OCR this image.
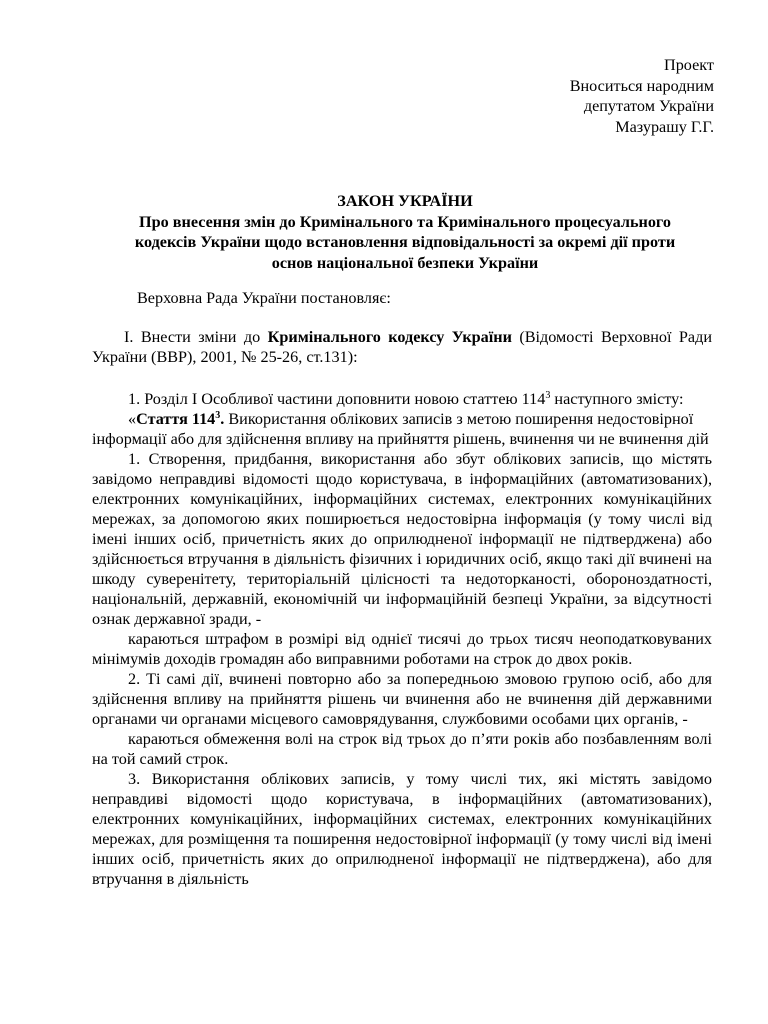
Проект
Вноситься народним
депутатом України
Мазурашу Г.Г.
ЗАКОН УКРАЇНИ
Про внесення змін до Кримінального та Кримінального процесуального
кодексів України щодо встановлення відповідальності за окремі дії проти
основ національної безпеки України

Верховна Рада України постановляє:

І. Внести зміни до Кримінального кодексу України (Відомості Верховної Ради України (ВВР), 2001, № 25-26, ст.131):

1. Розділ І Особливої частини доповнити новою статтею $114^3$ наступного змісту:

«Стаття $114^3$. Використання облікових записів з метою поширення недостовірної інформації або для здійснення впливу на прийняття рішень, вчинення чи не вчинення дій

1. Створення, придбання, використання або збут облікових записів, що містять завідомо неправдиві відомості щодо користувача, в інформаційних (автоматизованих), електронних комунікаційних, інформаційних системах, електронних комунікаційних мережах, за допомогою яких поширюється недостовірна інформація (у тому числі від імені інших осіб, причетність яких до оприлюдненої інформації не підтверджена) або здійснюється втручання в діяльність фізичних і юридичних осіб, якщо такі дії вчинені на шкоду суверенітету, територіальній цілісності та недоторканості, обороноздатності, національній, державній, економічній чи інформаційній безпеці України, за відсутності ознак державної зради, -

караються штрафом в розмірі від однієї тисячі до трьох тисяч неоподатковуваних мінімумів доходів громадян або виправними роботами на строк до двох років.

2. Ті самі дії, вчинені повторно або за попередньою змовою групою осіб, або для здійснення впливу на прийняття рішень чи вчинення або не вчинення дій державними органами чи органами місцевого самоврядування, службовими особами цих органів, -

караються обмеження волі на строк від трьох до п’яти років або позбавленням волі на той самий строк.

3. Використання облікових записів, у тому числі тих, які містять завідомо неправдиві відомості щодо користувача, в інформаційних (автоматизованих), електронних комунікаційних, інформаційних системах, електронних комунікаційних мережах, для розміщення та поширення недостовірної інформації (у тому числі від імені інших осіб, причетність яких до оприлюдненої інформації не підтверджена), або для втручання в діяльність
